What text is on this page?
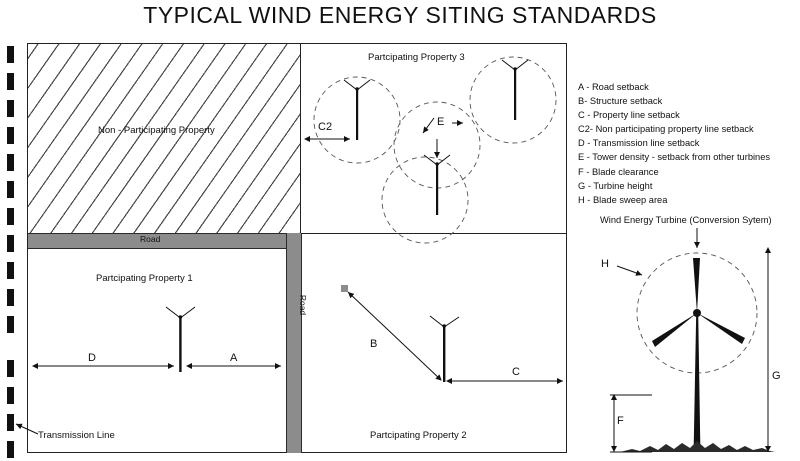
TYPICAL WIND ENERGY SITING STANDARDS
Road
Road
Transmission Line
Non - Participating Property
Partcipating Property 1
Partcipating Property 2
Partcipating Property 3
D	A
B
C
C2	E
F
G
H
A - Road setback
B- Structure setback
C - Property line setback
C2- Non participating property line setback
D - Transmission line setback
E - Tower density - setback from other turbines
F - Blade clearance
G - Turbine height
H - Blade sweep area
Wind Energy Turbine (Conversion Sytem)
